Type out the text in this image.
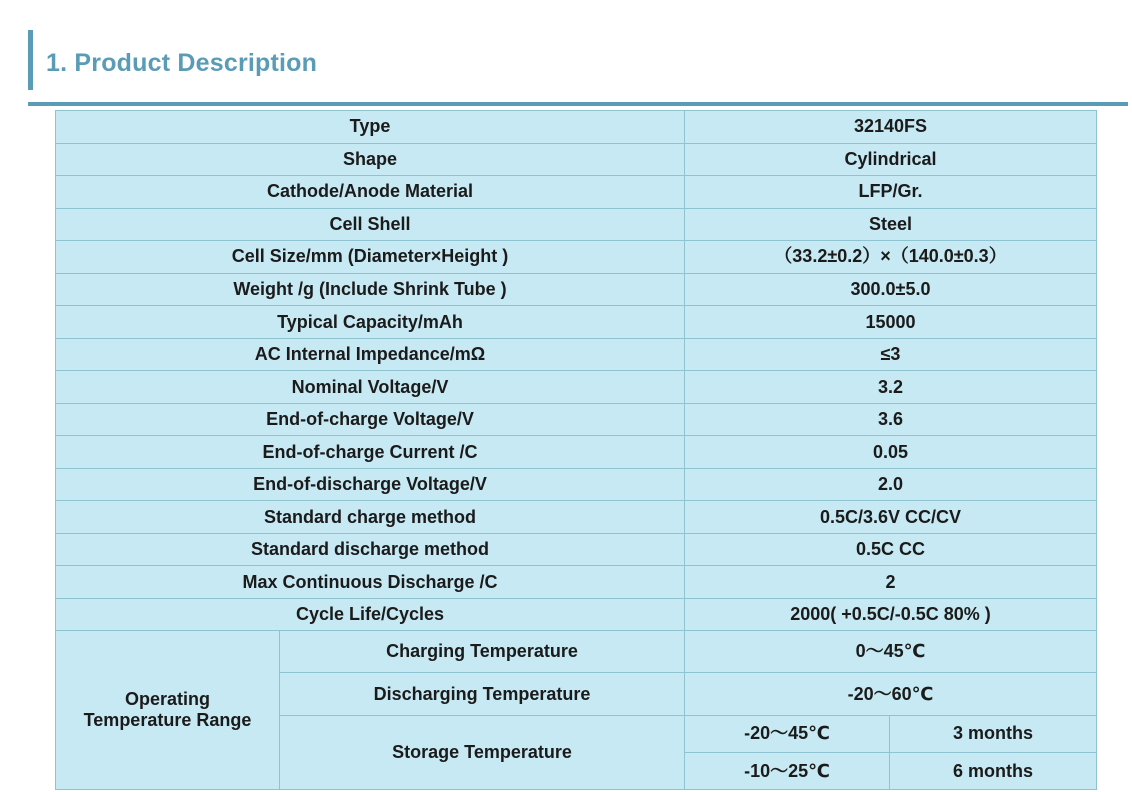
1. Product Description
Type		32140FS	
Shape		Cylindrical	
Cathode/Anode Material		LFP/Gr.	
Cell Shell		Steel	
Cell Size/mm (Diameter×Height )		（33.2±0.2）×（140.0±0.3）	
Weight /g (Include Shrink Tube )		300.0±5.0	
Typical Capacity/mAh		15000	
AC Internal Impedance/mΩ		≤3	
Nominal Voltage/V		3.2	
End-of-charge Voltage/V		3.6	
End-of-charge Current /C		0.05	
End-of-discharge Voltage/V		2.0	
Standard charge method		0.5C/3.6V CC/CV	
Standard discharge method		0.5C CC	
Max Continuous Discharge /C		2	
Cycle Life/Cycles		2000( +0.5C/-0.5C 80% )	
Operating
Temperature Range	Charging Temperature	0～45℃	
	Discharging Temperature	-20～60℃	
	Storage Temperature	-20～45℃	3 months
		-10～25℃	6 months
